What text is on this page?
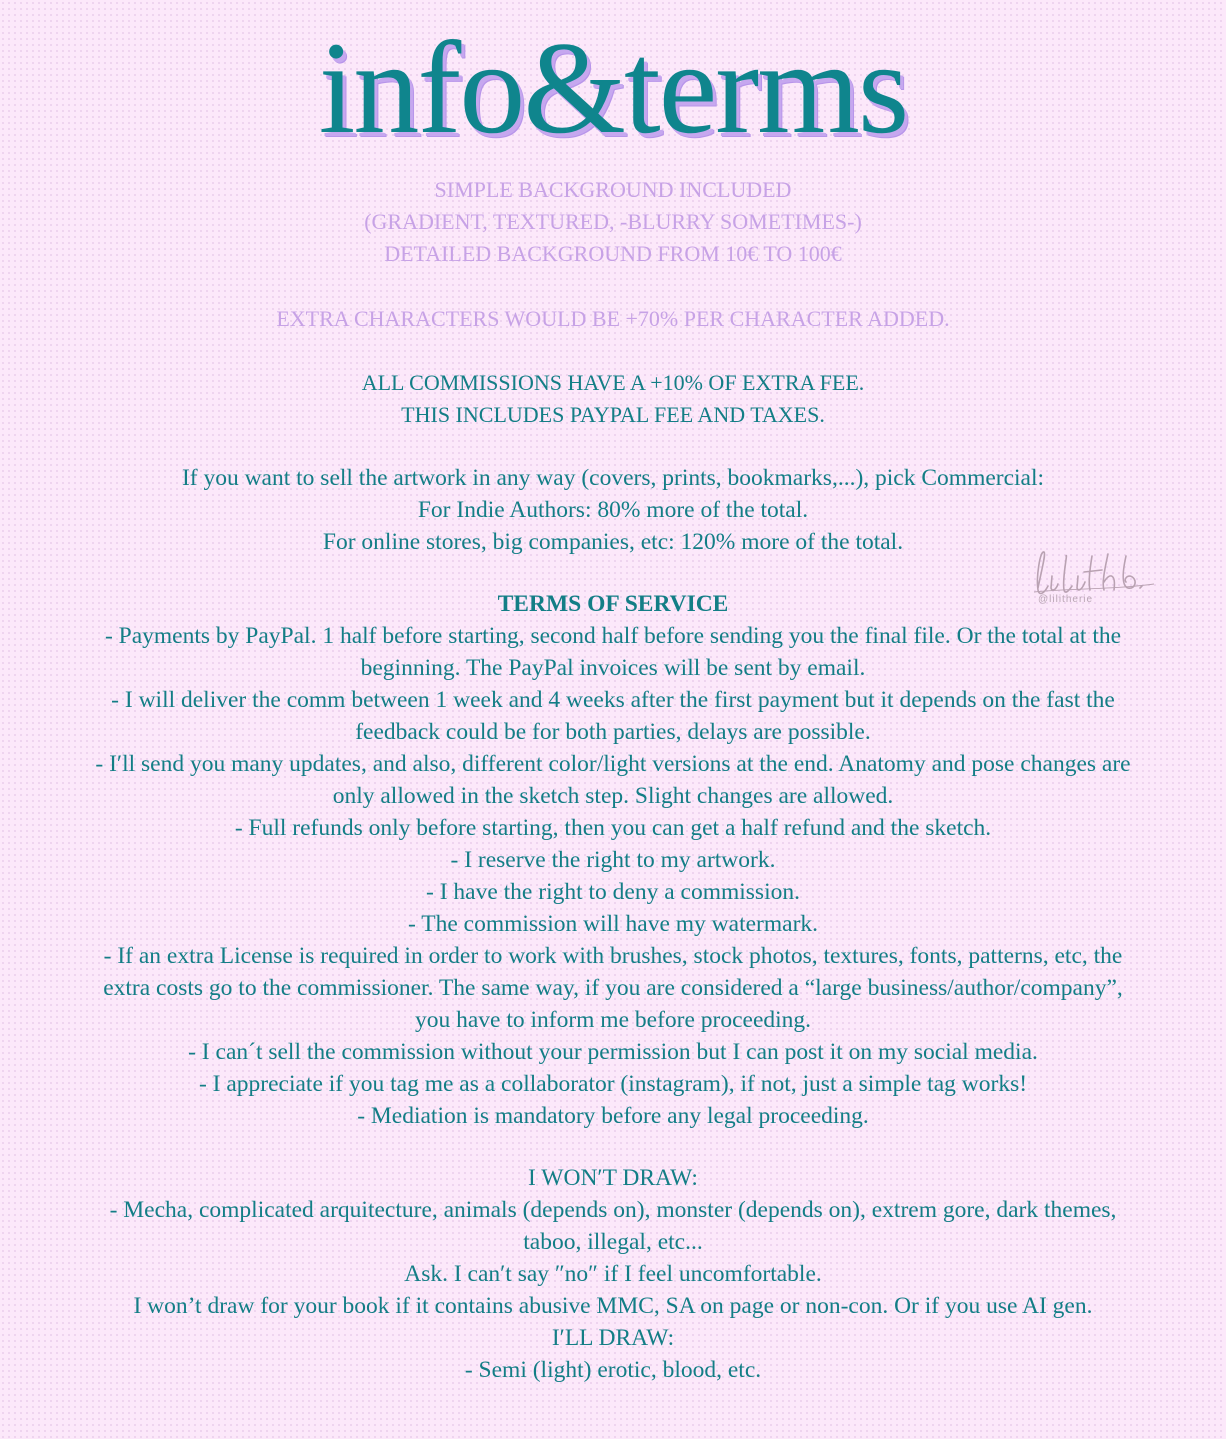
info&terms
SIMPLE BACKGROUND INCLUDED
(GRADIENT, TEXTURED, -BLURRY SOMETIMES-)
DETAILED BACKGROUND FROM 10€ TO 100€
EXTRA CHARACTERS WOULD BE +70% PER CHARACTER ADDED.
ALL COMMISSIONS HAVE A +10% OF EXTRA FEE.
THIS INCLUDES PAYPAL FEE AND TAXES.
If you want to sell the artwork in any way (covers, prints, bookmarks,...), pick Commercial:
For Indie Authors: 80% more of the total.
For online stores, big companies, etc: 120% more of the total.
@lilitherie
TERMS OF SERVICE
- Payments by PayPal. 1 half before starting, second half before sending you the final file. Or the total at the
beginning. The PayPal invoices will be sent by email.
- I will deliver the comm between 1 week and 4 weeks after the first payment but it depends on the fast the
feedback could be for both parties, delays are possible.
- I′ll send you many updates, and also, different color/light versions at the end. Anatomy and pose changes are
only allowed in the sketch step. Slight changes are allowed.
- Full refunds only before starting, then you can get a half refund and the sketch.
- I reserve the right to my artwork.
- I have the right to deny a commission.
- The commission will have my watermark.
- If an extra License is required in order to work with brushes, stock photos, textures, fonts, patterns, etc, the
extra costs go to the commissioner. The same way, if you are considered a “large business/author/company”,
you have to inform me before proceeding.
- I can´t sell the commission without your permission but I can post it on my social media.
- I appreciate if you tag me as a collaborator (instagram), if not, just a simple tag works!
- Mediation is mandatory before any legal proceeding.
I WON′T DRAW:
- Mecha, complicated arquitecture, animals (depends on), monster (depends on), extrem gore, dark themes,
taboo, illegal, etc...
Ask. I can′t say ″no″ if I feel uncomfortable.
I won’t draw for your book if it contains abusive MMC, SA on page or non-con. Or if you use AI gen.
I′LL DRAW:
- Semi (light) erotic, blood, etc.
